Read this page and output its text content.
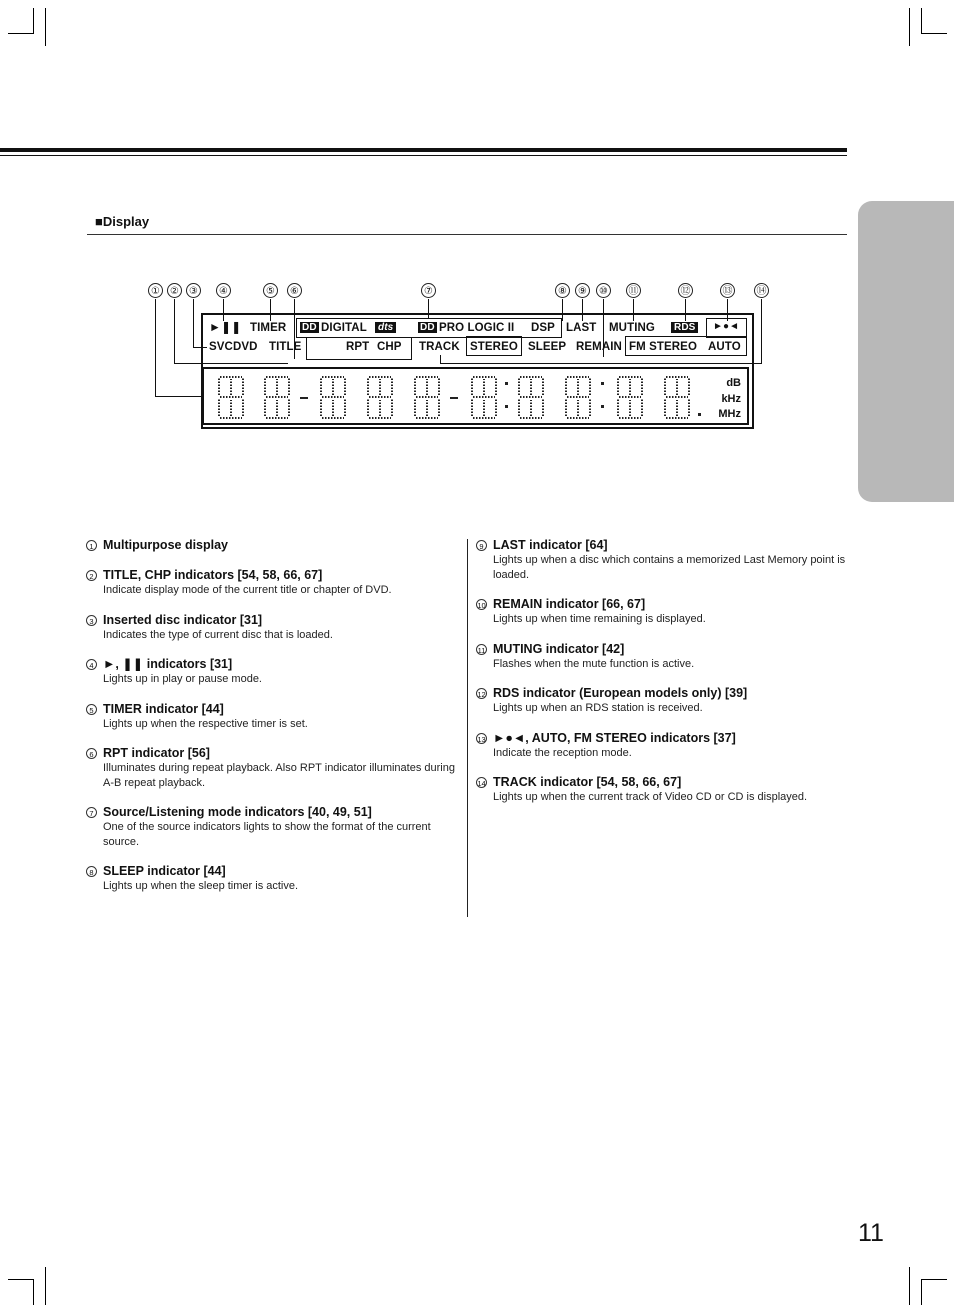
■Display
①	②	③	④	⑤	⑥	⑦	⑧	⑨	⑩	⑪	⑫	⑬ ⑭
►❚❚ TIMER DD DIGITAL	dts	DD PRO LOGIC II DSP LAST MUTING	RDS	►●◄
SVCDVD TITLE	RPT CHP TRACK STEREO SLEEP REMAIN FM STEREO AUTO
dB
kHz
MHz
1 Multipurpose display
2 TITLE, CHP indicators [54, 58, 66, 67]
Indicate display mode of the current title or chapter of DVD.
3 Inserted disc indicator [31]
Indicates the type of current disc that is loaded.
4 ►, ❚❚ indicators [31]
Lights up in play or pause mode.
5 TIMER indicator [44]
Lights up when the respective timer is set.
6 RPT indicator [56]
Illuminates during repeat playback. Also RPT indicator illuminates during A-B repeat playback.
7 Source/Listening mode indicators [40, 49, 51]
One of the source indicators lights to show the format of the current source.
8 SLEEP indicator [44]
Lights up when the sleep timer is active.
9 LAST indicator [64]
Lights up when a disc which contains a memorized Last Memory point is loaded.
10 REMAIN indicator [66, 67]
Lights up when time remaining is displayed.
11 MUTING indicator [42]
Flashes when the mute function is active.
12 RDS indicator (European models only) [39]
Lights up when an RDS station is received.
13 ►●◄, AUTO, FM STEREO indicators [37]
Indicate the reception mode.
14 TRACK indicator [54, 58, 66, 67]
Lights up when the current track of Video CD or CD is displayed.
11
